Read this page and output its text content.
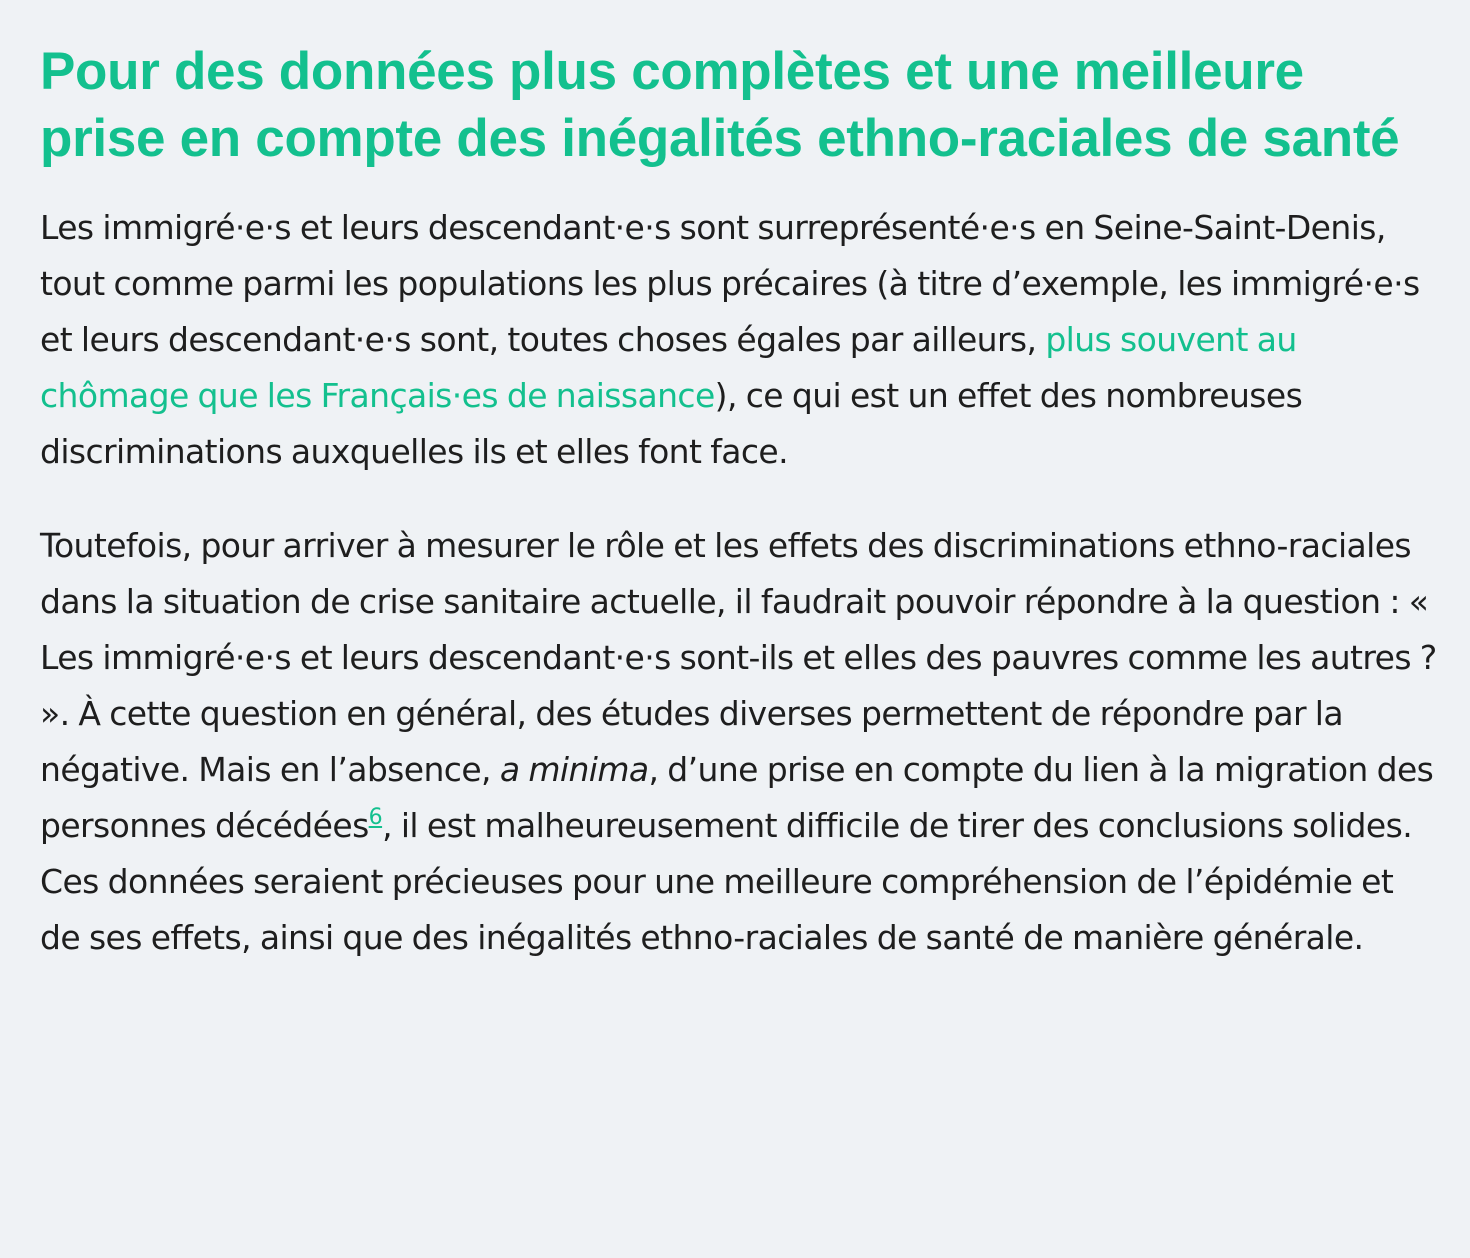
Pour des données plus complètes et une meilleure prise en compte des inégalités ethno-raciales de santé

Les immigré·e·s et leurs descendant·e·s sont surreprésenté·e·s en Seine-Saint-Denis, tout comme parmi les populations les plus précaires (à titre d’exemple, les immigré·e·s et leurs descendant·e·s sont, toutes choses égales par ailleurs, plus souvent au chômage que les Français·es de naissance), ce qui est un effet des nombreuses discriminations auxquelles ils et elles font face.

Toutefois, pour arriver à mesurer le rôle et les effets des discriminations ethno-raciales dans la situation de crise sanitaire actuelle, il faudrait pouvoir répondre à la question : « Les immigré·e·s et leurs descendant·e·s sont-ils et elles des pauvres comme les autres ? ». À cette question en général, des études diverses permettent de répondre par la négative. Mais en l’absence, a minima, d’une prise en compte du lien à la migration des personnes décédées$^6$, il est malheureusement difficile de tirer des conclusions solides. Ces données seraient précieuses pour une meilleure compréhension de l’épidémie et de ses effets, ainsi que des inégalités ethno-raciales de santé de manière générale.
